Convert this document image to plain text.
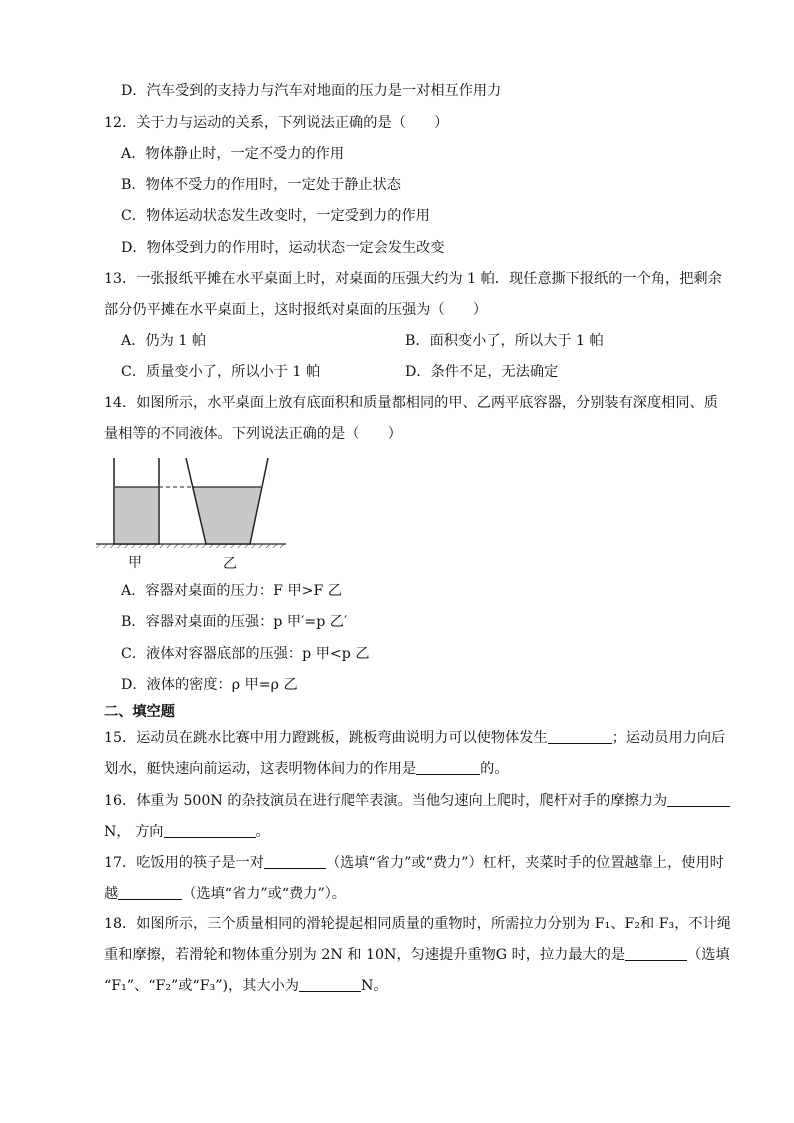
D．汽车受到的支持力与汽车对地面的压力是一对相互作用力
12．关于力与运动的关系，下列说法正确的是（　　）
A．物体静止时，一定不受力的作用
B．物体不受力的作用时，一定处于静止状态
C．物体运动状态发生改变时，一定受到力的作用
D．物体受到力的作用时，运动状态一定会发生改变
13．一张报纸平摊在水平桌面上时，对桌面的压强大约为 1 帕．现任意撕下报纸的一个角，把剩余
部分仍平摊在水平桌面上，这时报纸对桌面的压强为（　　）
A．仍为 1 帕	B．面积变小了，所以大于 1 帕
C．质量变小了，所以小于 1 帕	D．条件不足，无法确定
14．如图所示，水平桌面上放有底面积和质量都相同的甲、乙两平底容器，分别装有深度相同、质
量相等的不同液体。下列说法正确的是（　　）
甲	乙
A．容器对桌面的压力：F 甲>F 乙
B．容器对桌面的压强：p 甲′=p 乙′
C．液体对容器底部的压强：p 甲<p 乙
D．液体的密度：ρ 甲=ρ 乙
二、填空题
15．运动员在跳水比赛中用力蹬跳板，跳板弯曲说明力可以使物体发生	；运动员用力向后
划水，艇快速向前运动，这表明物体间力的作用是	的。
16．体重为 500N 的杂技演员在进行爬竿表演。当他匀速向上爬时，爬杆对手的摩擦力为
N， 方向	。
17．吃饭用的筷子是一对	（选填“省力”或“费力”）杠杆，夹菜时手的位置越靠上，使用时
越	（选填“省力”或“费力”）。
18．如图所示，三个质量相同的滑轮提起相同质量的重物时，所需拉力分别为 F₁、F₂和 F₃，不计绳
重和摩擦，若滑轮和物体重分别为 2N 和 10N，匀速提升重物G 时，拉力最大的是	（选填
“F₁”、“F₂”或“F₃”)，其大小为	N。
